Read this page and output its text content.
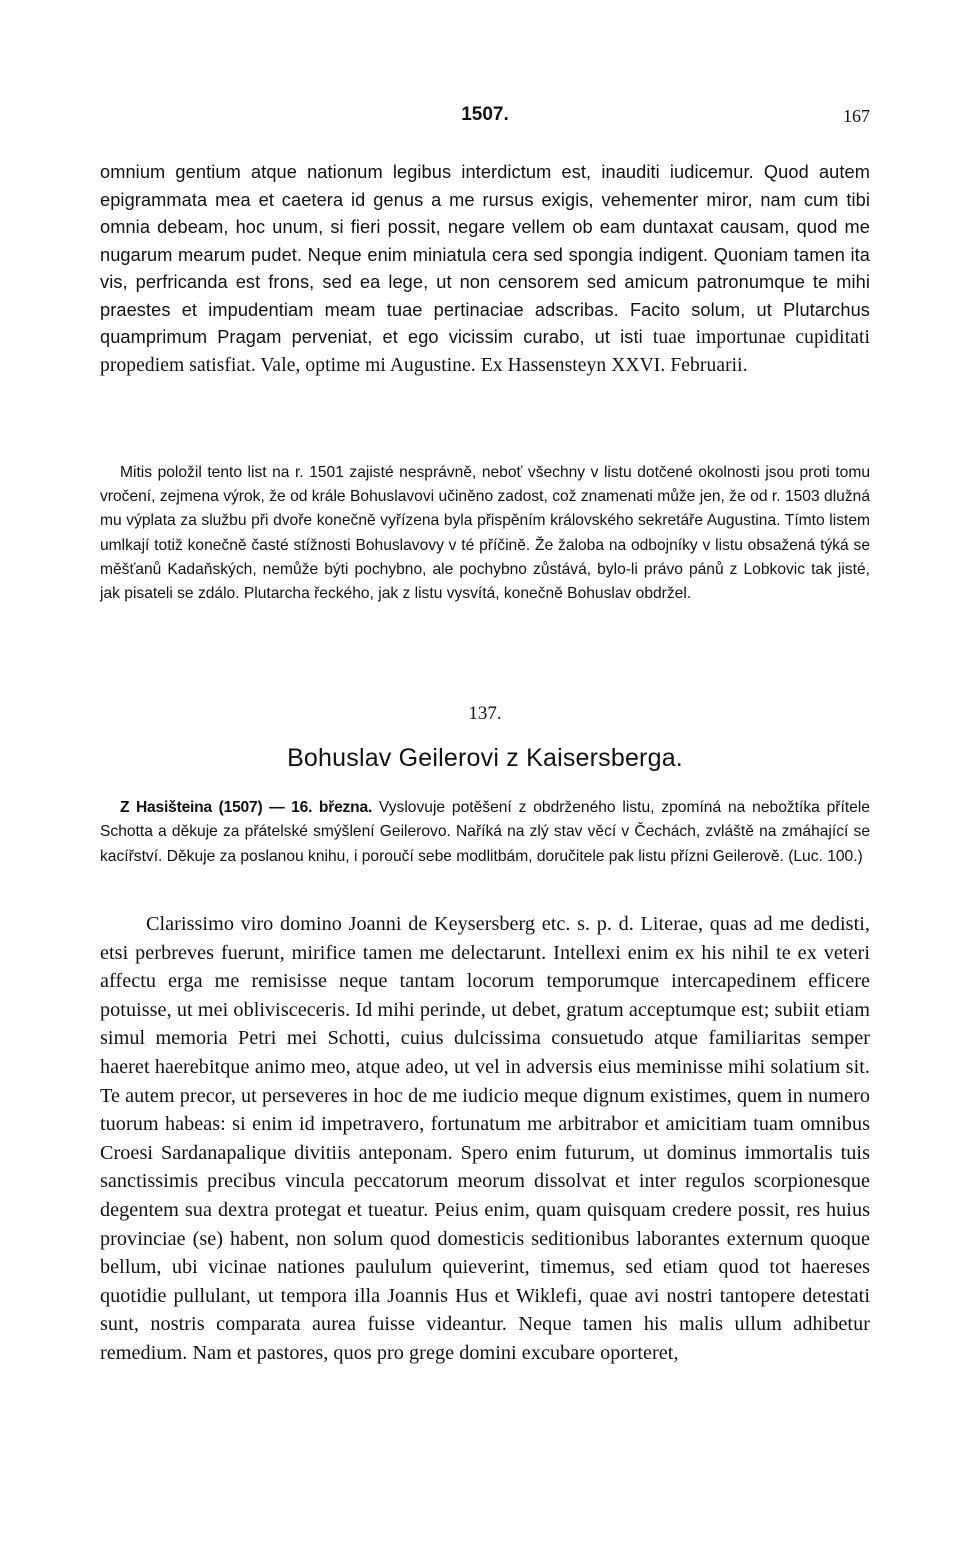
1507.	167
omnium gentium atque nationum legibus interdictum est, inauditi iudicemur. Quod autem epigrammata mea et caetera id genus a me rursus exigis, vehementer miror, nam cum tibi omnia debeam, hoc unum, si fieri possit, negare vellem ob eam duntaxat causam, quod me nugarum mearum pudet. Neque enim miniatula cera sed spongia indigent. Quoniam tamen ita vis, perfricanda est frons, sed ea lege, ut non censorem sed amicum patronumque te mihi praestes et impudentiam meam tuae pertinaciae adscribas. Facito solum, ut Plutarchus quamprimum Pragam perveniat, et ego vicissim curabo, ut isti tuae importunae cupiditati propediem satisfiat. Vale, optime mi Augustine. Ex Hassensteyn XXVI. Februarii.
Mitis položil tento list na r. 1501 zajisté nesprávně, neboť všechny v listu dotčené okolnosti jsou proti tomu vročení, zejmena výrok, že od krále Bohuslavovi učiněno zadost, což znamenati může jen, že od r. 1503 dlužná mu výplata za službu při dvoře konečně vyřízena byla přispěním královského sekretáře Augustina. Tímto listem umlkají totiž konečně časté stížnosti Bohuslavovy v té příčině. Že žaloba na odbojníky v listu obsažená týká se měšťanů Kadaňských, nemůže býti pochybno, ale pochybno zůstává, bylo-li právo pánů z Lobkovic tak jisté, jak pisateli se zdálo. Plutarcha řeckého, jak z listu vysvítá, konečně Bohuslav obdržel.
137.
Bohuslav Geilerovi z Kaisersberga.
Z Hasišteina (1507) — 16. března. Vyslovuje potěšení z obdrženého listu, zpomíná na nebožtíka přítele Schotta a děkuje za přátelské smýšlení Geilerovo. Naříká na zlý stav věcí v Čechách, zvláště na zmáhající se kacířství. Děkuje za poslanou knihu, i poroučí sebe modlitbám, doručitele pak listu přízni Geilerově. (Luc. 100.)
Clarissimo viro domino Joanni de Keysersberg etc. s. p. d. Literae, quas ad me dedisti, etsi perbreves fuerunt, mirifice tamen me delectarunt. Intellexi enim ex his nihil te ex veteri affectu erga me remisisse neque tantam locorum temporumque intercapedinem efficere potuisse, ut mei oblivisceceris. Id mihi perinde, ut debet, gratum acceptumque est; subiit etiam simul memoria Petri mei Schotti, cuius dulcissima consuetudo atque familiaritas semper haeret haerebitque animo meo, atque adeo, ut vel in adversis eius meminisse mihi solatium sit. Te autem precor, ut perseveres in hoc de me iudicio meque dignum existimes, quem in numero tuorum habeas: si enim id impetravero, fortunatum me arbitrabor et amicitiam tuam omnibus Croesi Sardanapalique divitiis anteponam. Spero enim futurum, ut dominus immortalis tuis sanctissimis precibus vincula peccatorum meorum dissolvat et inter regulos scorpionesque degentem sua dextra protegat et tueatur. Peius enim, quam quisquam credere possit, res huius provinciae (se) habent, non solum quod domesticis seditionibus laborantes externum quoque bellum, ubi vicinae nationes paululum quieverint, timemus, sed etiam quod tot haereses quotidie pullulant, ut tempora illa Joannis Hus et Wiklefi, quae avi nostri tantopere detestati sunt, nostris comparata aurea fuisse videantur. Neque tamen his malis ullum adhibetur remedium. Nam et pastores, quos pro grege domini excubare oporteret,
